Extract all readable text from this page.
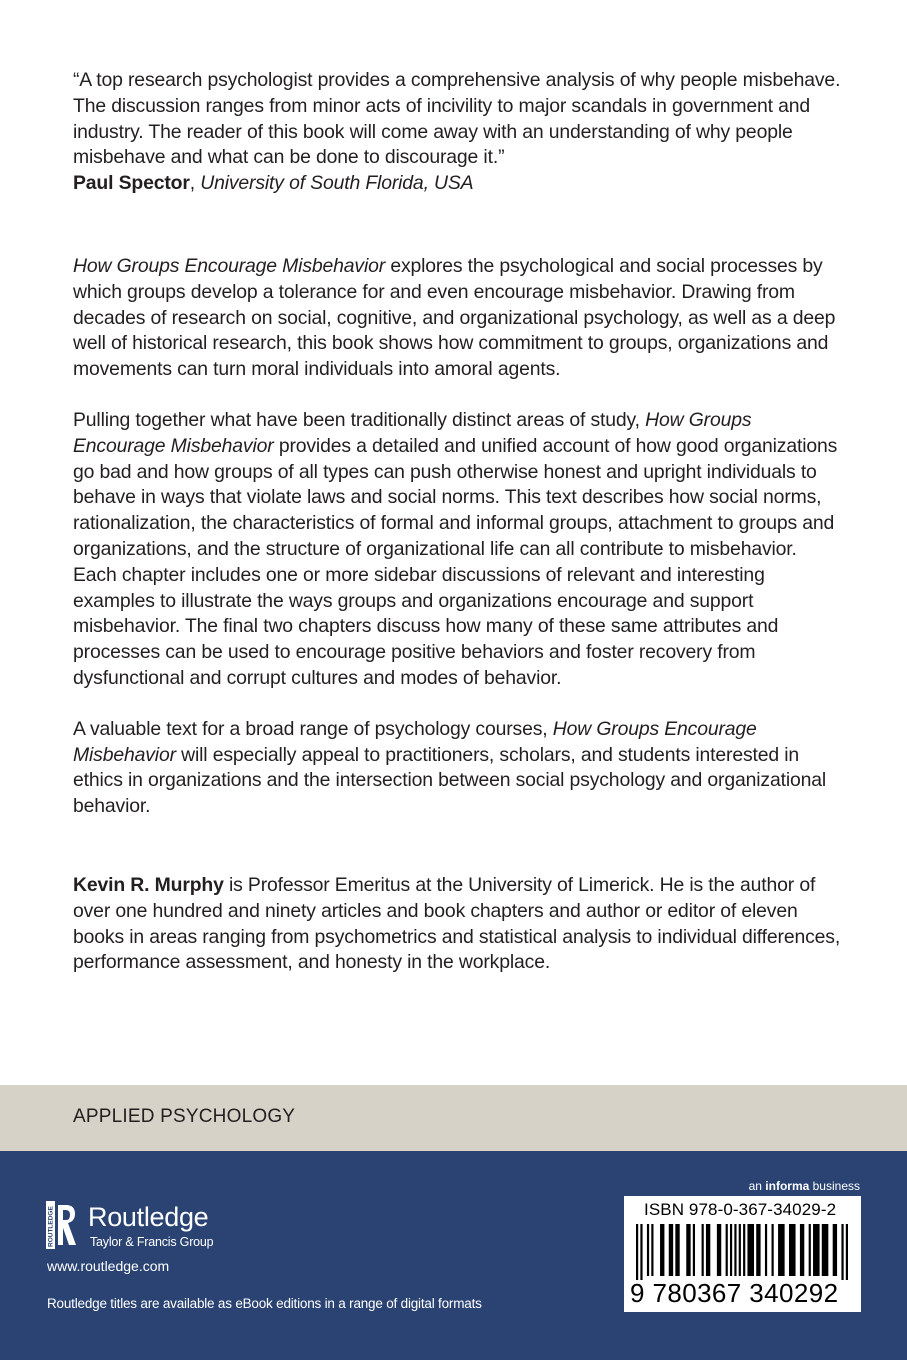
“A top research psychologist provides a comprehensive analysis of why people misbehave. The discussion ranges from minor acts of incivility to major scandals in government and industry. The reader of this book will come away with an understanding of why people misbehave and what can be done to discourage it.”

Paul Spector, University of South Florida, USA

How Groups Encourage Misbehavior explores the psychological and social processes by which groups develop a tolerance for and even encourage misbehavior. Drawing from decades of research on social, cognitive, and organizational psychology, as well as a deep well of historical research, this book shows how commitment to groups, organizations and movements can turn moral individuals into amoral agents.

Pulling together what have been traditionally distinct areas of study, How Groups Encourage Misbehavior provides a detailed and unified account of how good organizations go bad and how groups of all types can push otherwise honest and upright individuals to behave in ways that violate laws and social norms. This text describes how social norms, rationalization, the characteristics of formal and informal groups, attachment to groups and organizations, and the structure of organizational life can all contribute to misbehavior. Each chapter includes one or more sidebar discussions of relevant and interesting examples to illustrate the ways groups and organizations encourage and support misbehavior. The final two chapters discuss how many of these same attributes and processes can be used to encourage positive behaviors and foster recovery from dysfunctional and corrupt cultures and modes of behavior.

A valuable text for a broad range of psychology courses, How Groups Encourage Misbehavior will especially appeal to practitioners, scholars, and students interested in ethics in organizations and the intersection between social psychology and organizational behavior.

Kevin R. Murphy is Professor Emeritus at the University of Limerick. He is the author of over one hundred and ninety articles and book chapters and author or editor of eleven books in areas ranging from psychometrics and statistical analysis to individual differences, performance assessment, and honesty in the workplace.

APPLIED PSYCHOLOGY
an informa business
ROUTLEDGE Routledge
Taylor & Francis Group
www.routledge.com
Routledge titles are available as eBook editions in a range of digital formats
ISBN 978-0-367-34029-2
9 780367 340292
